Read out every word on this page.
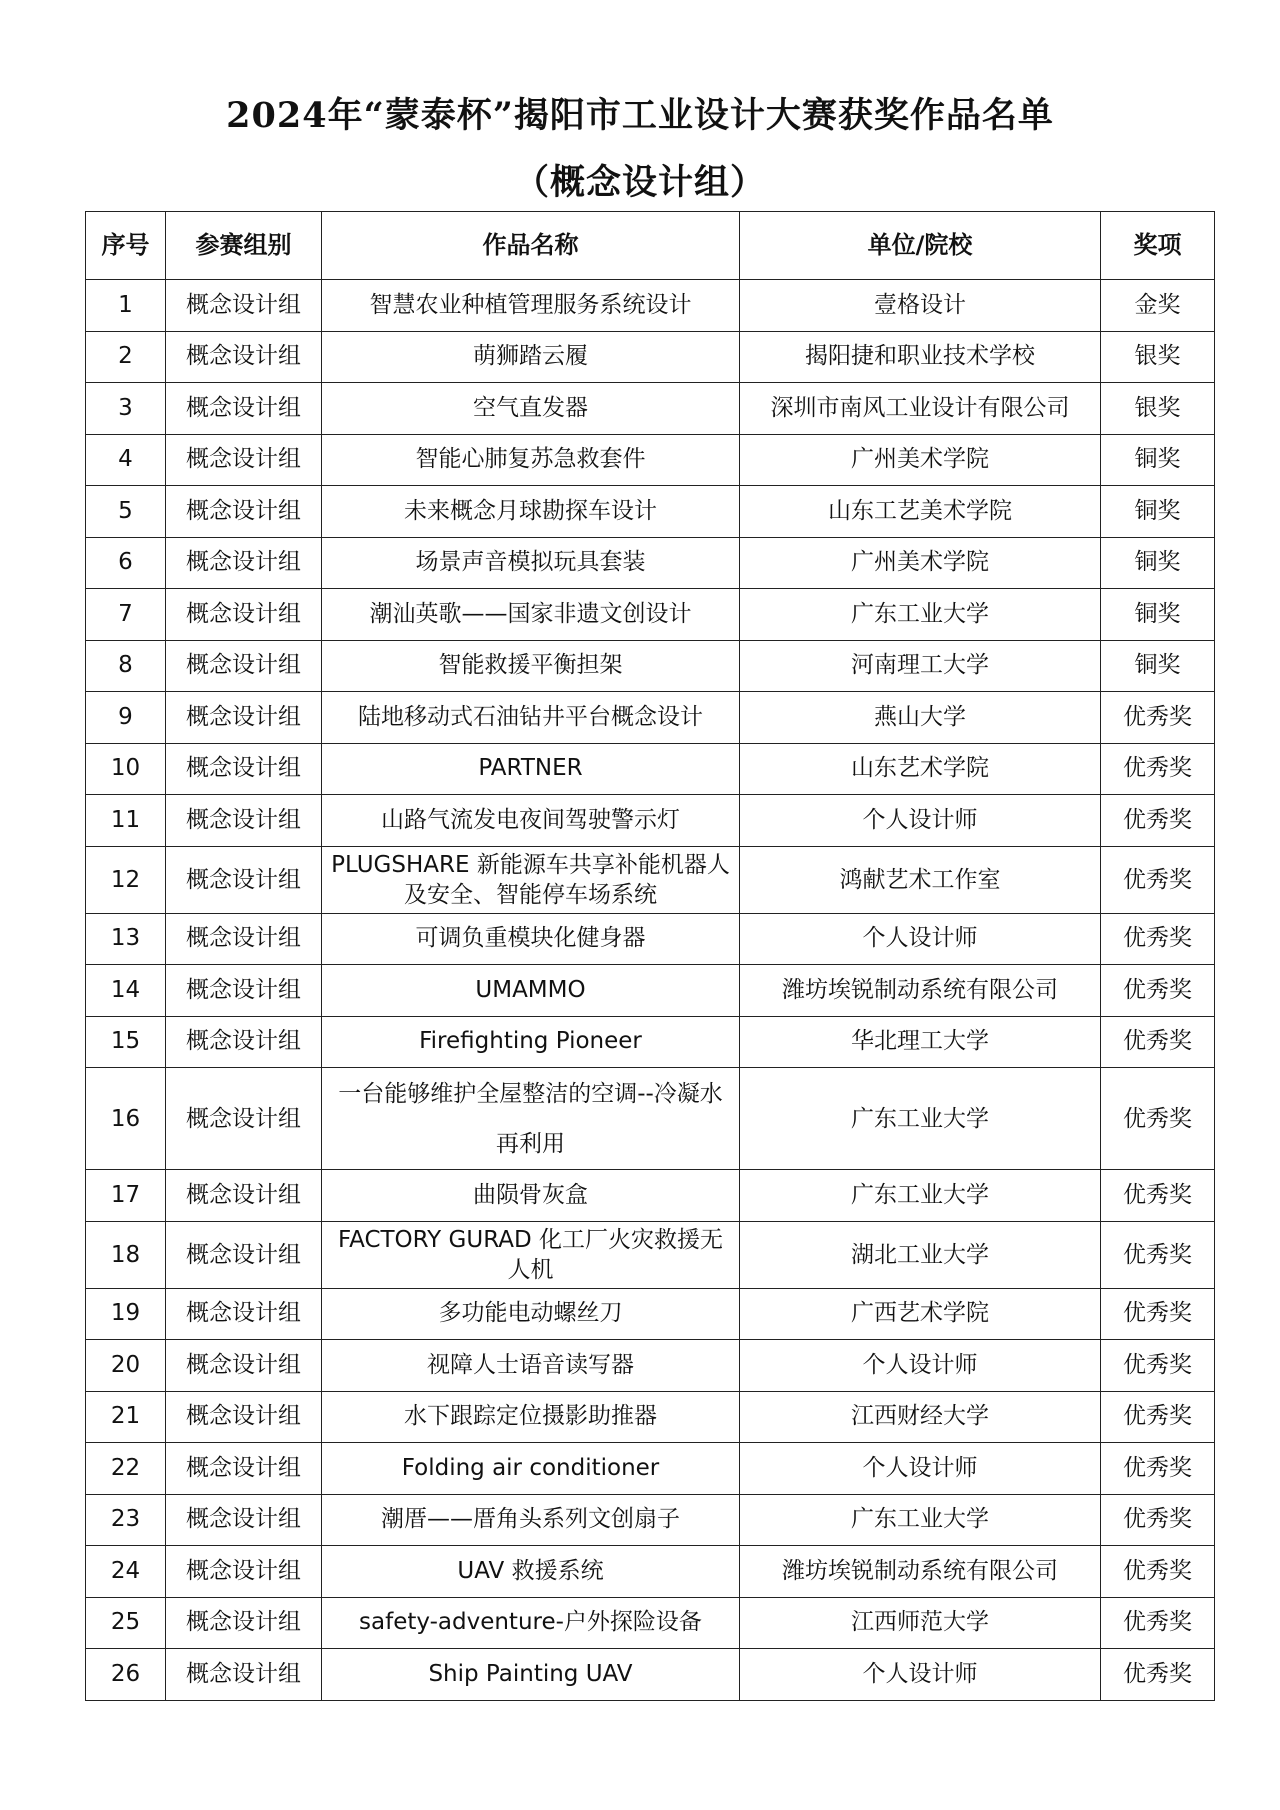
2024年“蒙泰杯”揭阳市工业设计大赛获奖作品名单
（概念设计组）
序号	参赛组别	作品名称	单位/院校	奖项
1	概念设计组	智慧农业种植管理服务系统设计	壹格设计	金奖
2	概念设计组	萌狮踏云履	揭阳捷和职业技术学校	银奖
3	概念设计组	空气直发器	深圳市南风工业设计有限公司	银奖
4	概念设计组	智能心肺复苏急救套件	广州美术学院	铜奖
5	概念设计组	未来概念月球勘探车设计	山东工艺美术学院	铜奖
6	概念设计组	场景声音模拟玩具套装	广州美术学院	铜奖
7	概念设计组	潮汕英歌——国家非遗文创设计	广东工业大学	铜奖
8	概念设计组	智能救援平衡担架	河南理工大学	铜奖
9	概念设计组	陆地移动式石油钻井平台概念设计	燕山大学	优秀奖
10	概念设计组	PARTNER	山东艺术学院	优秀奖
11	概念设计组	山路气流发电夜间驾驶警示灯	个人设计师	优秀奖
12	概念设计组	PLUGSHARE 新能源车共享补能机器人及安全、智能停车场系统	鸿献艺术工作室	优秀奖
13	概念设计组	可调负重模块化健身器	个人设计师	优秀奖
14	概念设计组	UMAMMO	潍坊埃锐制动系统有限公司	优秀奖
15	概念设计组	Firefighting Pioneer	华北理工大学	优秀奖
16	概念设计组	一台能够维护全屋整洁的空调--冷凝水再利用	广东工业大学	优秀奖
17	概念设计组	曲陨骨灰盒	广东工业大学	优秀奖
18	概念设计组	FACTORY GURAD 化工厂火灾救援无人机	湖北工业大学	优秀奖
19	概念设计组	多功能电动螺丝刀	广西艺术学院	优秀奖
20	概念设计组	视障人士语音读写器	个人设计师	优秀奖
21	概念设计组	水下跟踪定位摄影助推器	江西财经大学	优秀奖
22	概念设计组	Folding air conditioner	个人设计师	优秀奖
23	概念设计组	潮厝——厝角头系列文创扇子	广东工业大学	优秀奖
24	概念设计组	UAV 救援系统	潍坊埃锐制动系统有限公司	优秀奖
25	概念设计组	safety-adventure-户外探险设备	江西师范大学	优秀奖
26	概念设计组	Ship Painting UAV	个人设计师	优秀奖
